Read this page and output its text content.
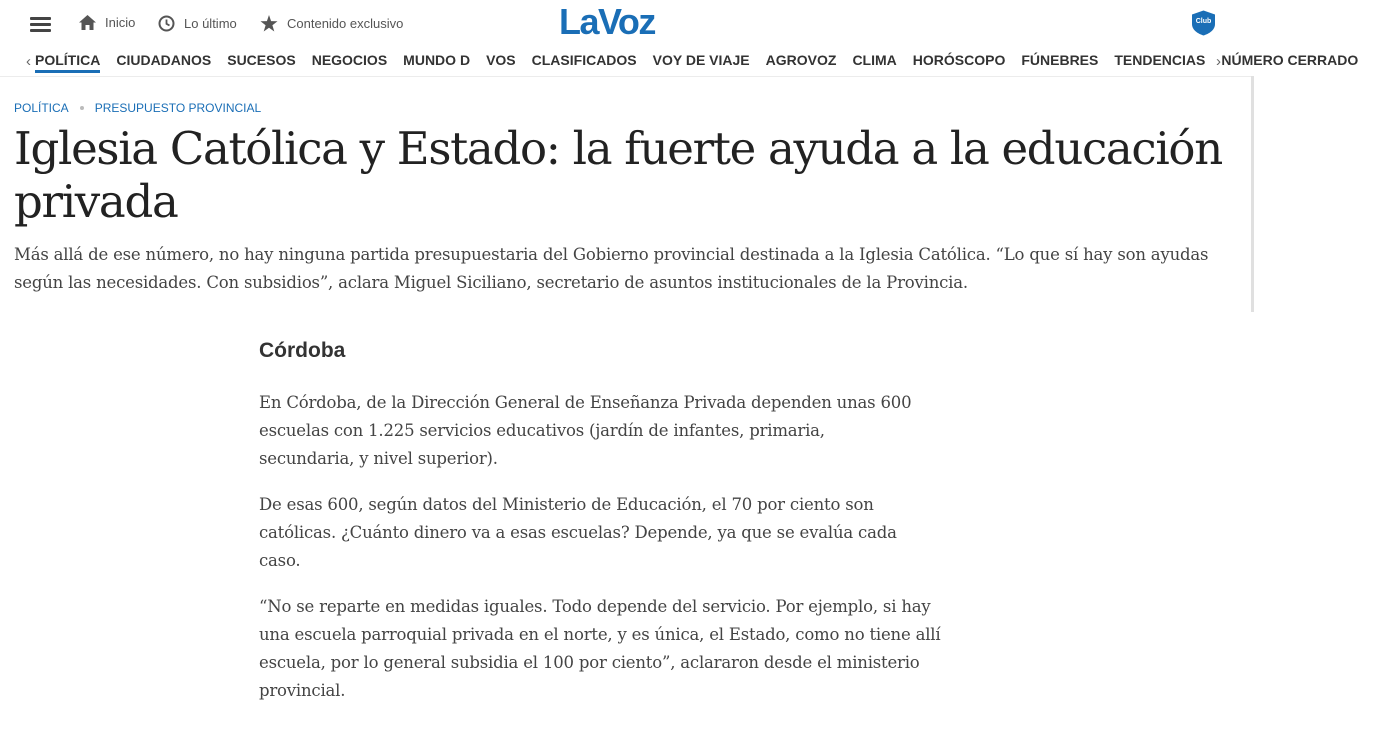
Inicio	Lo último	Contenido exclusivo	LaVoz	Club
‹ POLÍTICA CIUDADANOS SUCESOS NEGOCIOS MUNDO D VOS CLASIFICADOS VOY DE VIAJE AGROVOZ CLIMA HORÓSCOPO FÚNEBRES TENDENCIAS NÚMERO CERRADO
›
POLÍTICA PRESUPUESTO PROVINCIAL
Iglesia Católica y Estado: la fuerte ayuda a la educación privada

Más allá de ese número, no hay ninguna partida presupuestaria del Gobierno provincial destinada a la Iglesia Católica. “Lo que sí hay son ayudas según las necesidades. Con subsidios”, aclara Miguel Siciliano, secretario de asuntos institucionales de la Provincia.

Córdoba

En Córdoba, de la Dirección General de Enseñanza Privada dependen unas 600 escuelas con 1.225 servicios educativos (jardín de infantes, primaria, secundaria, y nivel superior).

De esas 600, según datos del Ministerio de Educación, el 70 por ciento son católicas. ¿Cuánto dinero va a esas escuelas? Depende, ya que se evalúa cada caso.

“No se reparte en medidas iguales. Todo depende del servicio. Por ejemplo, si hay una escuela parroquial privada en el norte, y es única, el Estado, como no tiene allí escuela, por lo general subsidia el 100 por ciento”, aclararon desde el ministerio provincial.
